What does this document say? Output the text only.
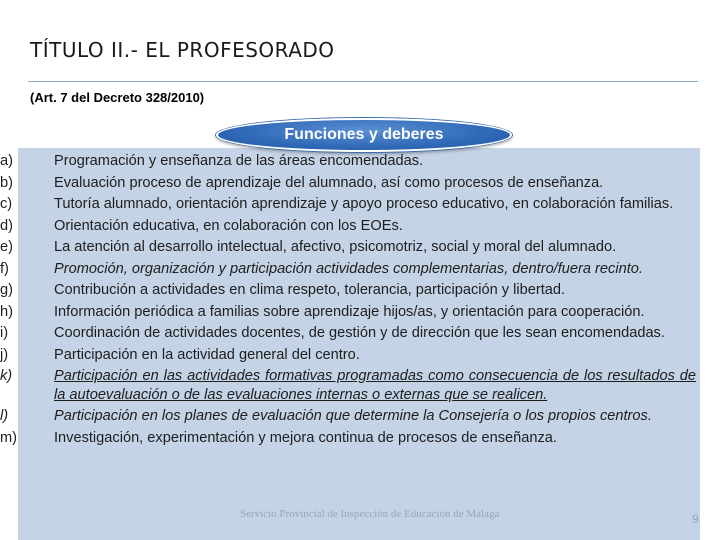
TÍTULO II.- EL PROFESORADO
(Art. 7 del Decreto 328/2010)
a)	Programación y enseñanza de las áreas encomendadas.
b)	Evaluación proceso de aprendizaje del alumnado, así como procesos de enseñanza.
c)	Tutoría alumnado, orientación aprendizaje y apoyo proceso educativo, en colaboración familias.
d)	Orientación educativa, en colaboración con los EOEs.
e)	La atención al desarrollo intelectual, afectivo, psicomotriz, social y moral del alumnado.
f)	Promoción, organización y participación actividades complementarias, dentro/fuera recinto.
g)	Contribución a actividades en clima respeto, tolerancia, participación y libertad.
h)	Información periódica a familias sobre aprendizaje hijos/as, y orientación para cooperación.
i)	Coordinación de actividades docentes, de gestión y de dirección que les sean encomendadas.
j)	Participación en la actividad general del centro.
k)	Participación en las actividades formativas programadas como consecuencia de los resultados de la autoevaluación o de las evaluaciones internas o externas que se realicen.
l)	Participación en los planes de evaluación que determine la Consejería o los propios centros.
m)	Investigación, experimentación y mejora continua de procesos de enseñanza.
Funciones y deberes
Servicio Provincial de Inspección de Educación de Málaga	9
